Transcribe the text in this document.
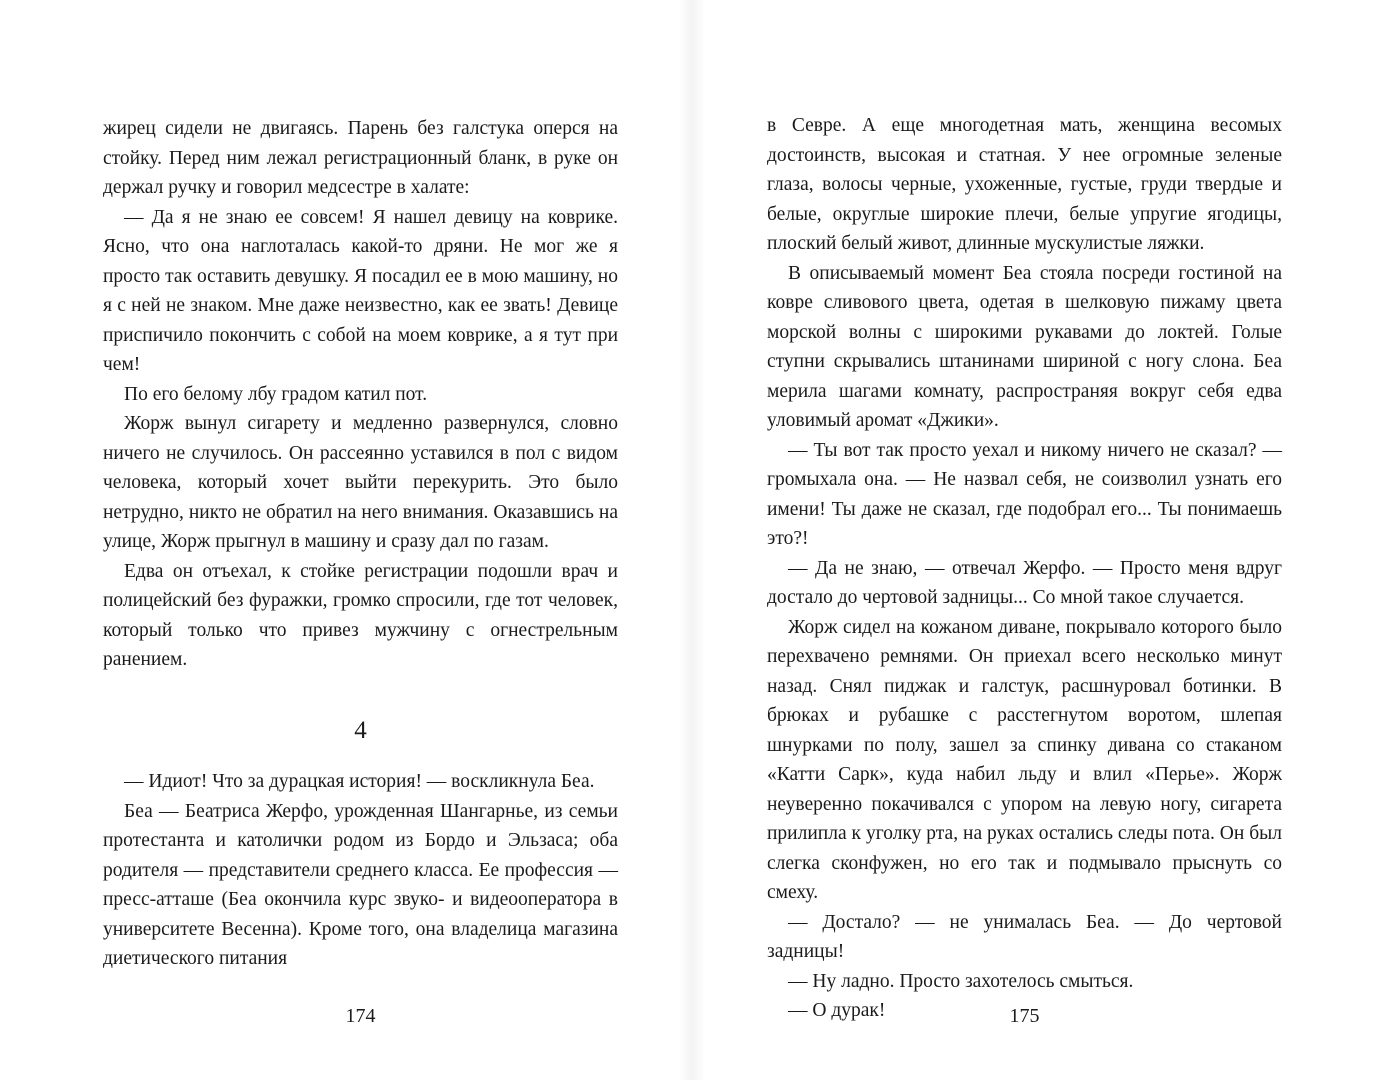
жирец сидели не двигаясь. Парень без галстука оперся на стойку. Перед ним лежал регистрационный бланк, в руке он держал ручку и говорил медсестре в халате:

— Да я не знаю ее совсем! Я нашел девицу на коврике. Ясно, что она наглоталась какой-то дряни. Не мог же я просто так оставить девушку. Я посадил ее в мою машину, но я с ней не знаком. Мне даже неизвестно, как ее звать! Девице приспичило покончить с собой на моем коврике, а я тут при чем!

По его белому лбу градом катил пот.

Жорж вынул сигарету и медленно развернулся, словно ничего не случилось. Он рассеянно уставился в пол с видом человека, который хочет выйти перекурить. Это было нетрудно, никто не обратил на него внимания. Оказавшись на улице, Жорж прыгнул в машину и сразу дал по газам.

Едва он отъехал, к стойке регистрации подошли врач и полицейский без фуражки, громко спросили, где тот человек, который только что привез мужчину с огнестрельным ранением.

4

— Идиот! Что за дурацкая история! — воскликнула Беа.

Беа — Беатриса Жерфо, урожденная Шангарнье, из семьи протестанта и католички родом из Бордо и Эльзаса; оба родителя — представители среднего класса. Ее профессия — пресс-атташе (Беа окончила курс звуко- и видеооператора в университете Весенна). Кроме того, она владелица магазина диетического питания

174

в Севре. А еще многодетная мать, женщина весомых достоинств, высокая и статная. У нее огромные зеленые глаза, волосы черные, ухоженные, густые, груди твердые и белые, округлые широкие плечи, белые упругие ягодицы, плоский белый живот, длинные мускулистые ляжки.

В описываемый момент Беа стояла посреди гостиной на ковре сливового цвета, одетая в шелковую пижаму цвета морской волны с широкими рукавами до локтей. Голые ступни скрывались штанинами шириной с ногу слона. Беа мерила шагами комнату, распространяя вокруг себя едва уловимый аромат «Джики».

— Ты вот так просто уехал и никому ничего не сказал? — громыхала она. — Не назвал себя, не соизволил узнать его имени! Ты даже не сказал, где подобрал его... Ты понимаешь это?!

— Да не знаю, — отвечал Жерфо. — Просто меня вдруг достало до чертовой задницы... Со мной такое случается.

Жорж сидел на кожаном диване, покрывало которого было перехвачено ремнями. Он приехал всего несколько минут назад. Снял пиджак и галстук, расшнуровал ботинки. В брюках и рубашке с расстегнутом воротом, шлепая шнурками по полу, зашел за спинку дивана со стаканом «Катти Сарк», куда набил льду и влил «Перье». Жорж неуверенно покачивался с упором на левую ногу, сигарета прилипла к уголку рта, на руках остались следы пота. Он был слегка сконфужен, но его так и подмывало прыснуть со смеху.

— Достало? — не унималась Беа. — До чертовой задницы!

— Ну ладно. Просто захотелось смыться.

— О дурак!	175
